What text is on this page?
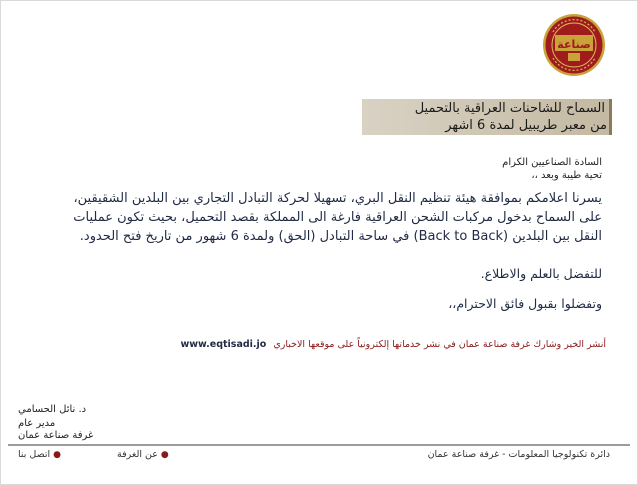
صناعة
السماح للشاحنات العراقية بالتحميل
من معبر طريبيل لمدة 6 اشهر
السادة الصناعيين الكرام
تحية طيبة وبعد ،،
يسرنا اعلامكم بموافقة هيئة تنظيم النقل البري، تسهيلا لحركة التبادل التجاري بين البلدين الشقيقين،
على السماح بدخول مركبات الشحن العراقية فارغة الى المملكة بقصد التحميل، بحيث تكون عمليات
النقل بين البلدين (Back to Back) في ساحة التبادل (الحق) ولمدة 6 شهور من تاريخ فتح الحدود.
للتفضل بالعلم والاطلاع.
وتفضلوا بقبول فائق الاحترام،،
أنشر الخير وشارك غرفة صناعة عمان في نشر خدماتها إلكترونياً على موقعها الاخباري www.eqtisadi.jo
د. نائل الحسامي
مدير عام
غرفة صناعة عمان
دائرة تكنولوجيا المعلومات - غرفة صناعة عمان
●عن الغرفة
●اتصل بنا
